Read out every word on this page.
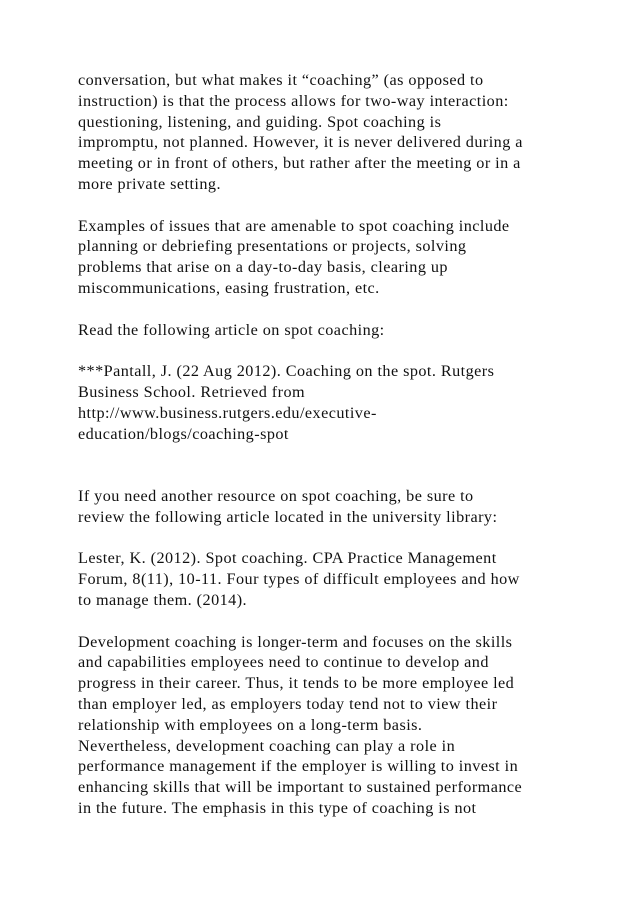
conversation, but what makes it “coaching” (as opposed to
instruction) is that the process allows for two-way interaction:
questioning, listening, and guiding. Spot coaching is
impromptu, not planned. However, it is never delivered during a
meeting or in front of others, but rather after the meeting or in a
more private setting.
Examples of issues that are amenable to spot coaching include
planning or debriefing presentations or projects, solving
problems that arise on a day-to-day basis, clearing up
miscommunications, easing frustration, etc.
Read the following article on spot coaching:
***Pantall, J. (22 Aug 2012). Coaching on the spot. Rutgers
Business School. Retrieved from
http://www.business.rutgers.edu/executive-
education/blogs/coaching-spot
If you need another resource on spot coaching, be sure to
review the following article located in the university library:
Lester, K. (2012). Spot coaching. CPA Practice Management
Forum, 8(11), 10-11. Four types of difficult employees and how
to manage them. (2014).
Development coaching is longer-term and focuses on the skills
and capabilities employees need to continue to develop and
progress in their career. Thus, it tends to be more employee led
than employer led, as employers today tend not to view their
relationship with employees on a long-term basis.
Nevertheless, development coaching can play a role in
performance management if the employer is willing to invest in
enhancing skills that will be important to sustained performance
in the future. The emphasis in this type of coaching is not
